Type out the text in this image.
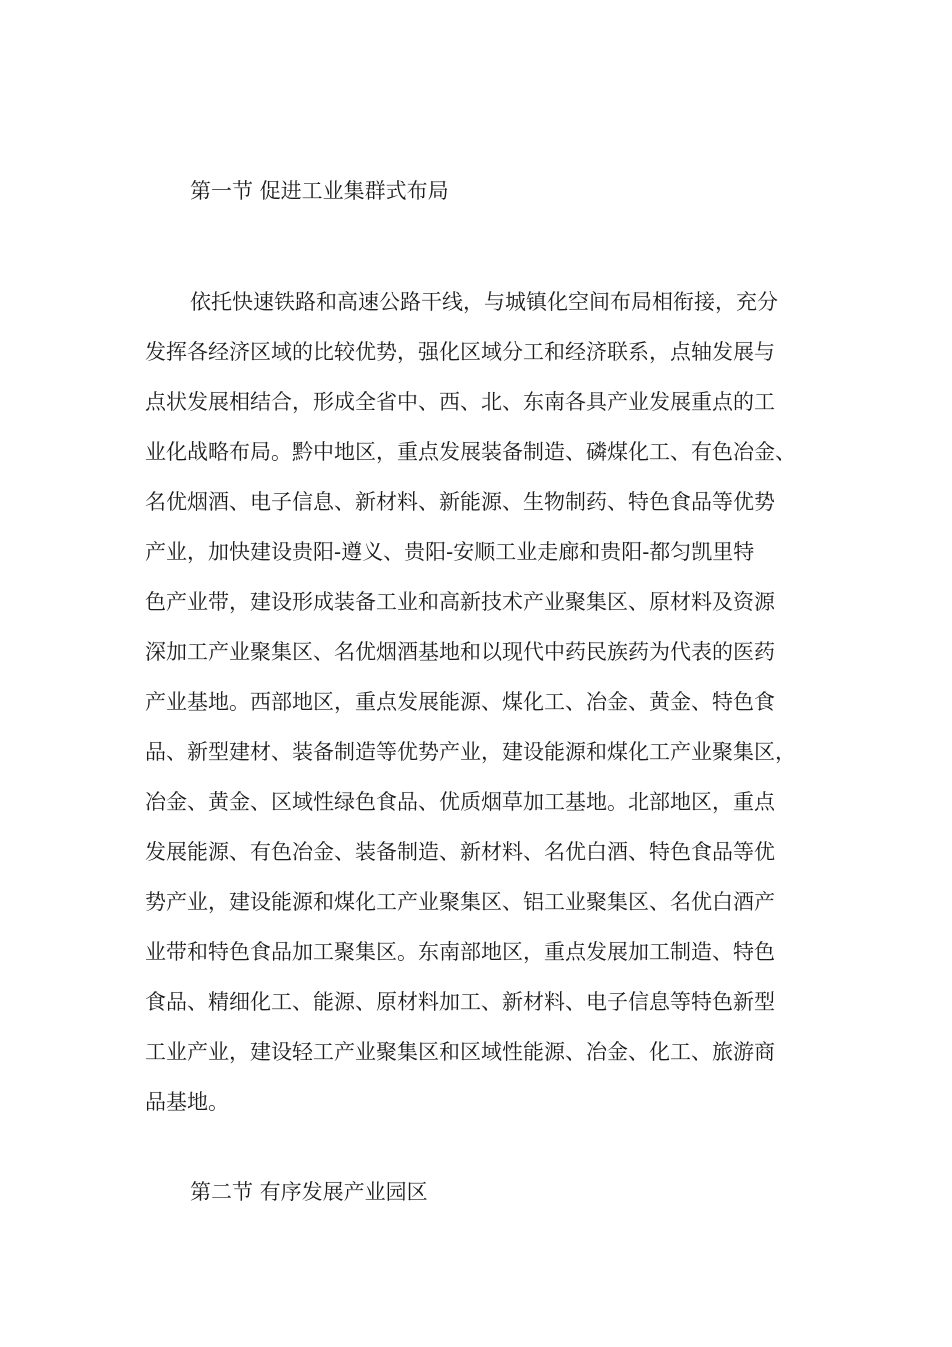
第一节 促进工业集群式布局
依托快速铁路和高速公路干线，与城镇化空间布局相衔接，充分
发挥各经济区域的比较优势，强化区域分工和经济联系，点轴发展与
点状发展相结合，形成全省中、西、北、东南各具产业发展重点的工
业化战略布局。黔中地区，重点发展装备制造、磷煤化工、有色冶金、
名优烟酒、电子信息、新材料、新能源、生物制药、特色食品等优势
产业，加快建设贵阳-遵义、贵阳-安顺工业走廊和贵阳-都匀凯里特
色产业带，建设形成装备工业和高新技术产业聚集区、原材料及资源
深加工产业聚集区、名优烟酒基地和以现代中药民族药为代表的医药
产业基地。西部地区，重点发展能源、煤化工、冶金、黄金、特色食
品、新型建材、装备制造等优势产业，建设能源和煤化工产业聚集区，
冶金、黄金、区域性绿色食品、优质烟草加工基地。北部地区，重点
发展能源、有色冶金、装备制造、新材料、名优白酒、特色食品等优
势产业，建设能源和煤化工产业聚集区、铝工业聚集区、名优白酒产
业带和特色食品加工聚集区。东南部地区，重点发展加工制造、特色
食品、精细化工、能源、原材料加工、新材料、电子信息等特色新型
工业产业，建设轻工产业聚集区和区域性能源、冶金、化工、旅游商
品基地。
第二节 有序发展产业园区
